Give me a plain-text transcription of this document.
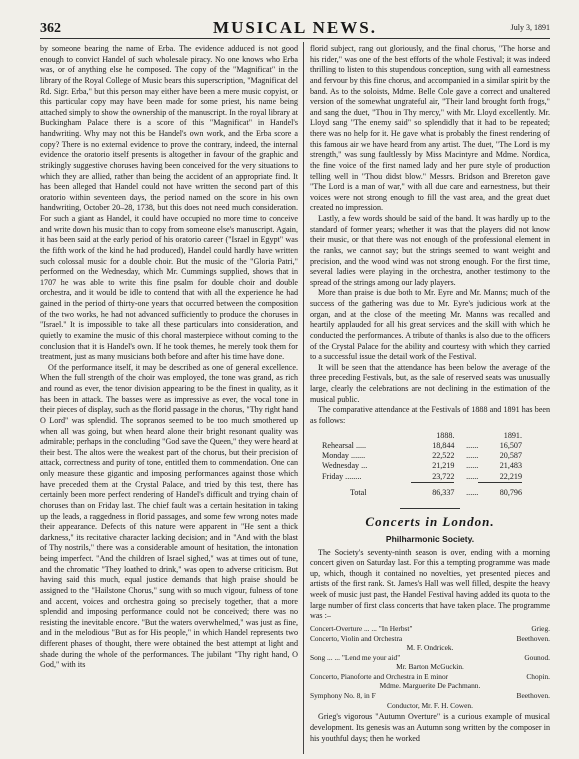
362	MUSICAL NEWS.	July 3, 1891

by someone bearing the name of Erba. The evidence adduced is not good enough to convict Handel of such wholesale piracy. No one knows who Erba was, or of anything else he composed. The copy of the "Magnificat" in the library of the Royal College of Music bears this superscription, "Magnificat del Rd. Sigr. Erba," but this person may either have been a mere music copyist, or this particular copy may have been made for some priest, his name being attached simply to show the ownership of the manuscript. In the royal library at Buckingham Palace there is a score of this "Magnificat" in Handel's handwriting. Why may not this be Handel's own work, and the Erba score a copy? There is no external evidence to prove the contrary, indeed, the internal evidence the oratorio itself presents is altogether in favour of the graphic and strikingly suggestive choruses having been conceived for the very situations to which they are allied, rather than being the accident of an appropriate find. It has been alleged that Handel could not have written the second part of this oratorio within seventeen days, the period named on the score in his own handwriting, October 20–28, 1738, but this does not need much consideration. For such a giant as Handel, it could have occupied no more time to conceive and write down his music than to copy from someone else's manuscript. Again, it has been said at the early period of his oratorio career ("Israel in Egypt" was the fifth work of the kind he had produced), Handel could hardly have written such colossal music for a double choir. But the music of the "Gloria Patri," performed on the Wednesday, which Mr. Cummings supplied, shows that in 1707 he was able to write this fine psalm for double choir and double orchestra, and it would be idle to contend that with all the experience he had gained in the period of thirty-one years that occurred between the composition of the two works, he had not advanced sufficiently to produce the choruses in "Israel." It is impossible to take all these particulars into consideration, and quietly to examine the music of this choral masterpiece without coming to the conclusion that it is Handel's own. If he took themes, he merely took them for treatment, just as many musicians both before and after his time have done.

Of the performance itself, it may be described as one of general excellence. When the full strength of the choir was employed, the tone was grand, as rich and round as ever, the tenor division appearing to be the finest in quality, as it has been in attack. The basses were as impressive as ever, the vocal tone in their pieces of display, such as the florid passage in the chorus, "Thy right hand O Lord" was splendid. The sopranos seemed to be too much smothered up when all was going, but when heard alone their bright resonant quality was admirable; perhaps in the concluding "God save the Queen," they were heard at their best. The altos were the weakest part of the chorus, but their precision of attack, correctness and purity of tone, entitled them to commendation. One can only measure these gigantic and imposing performances against those which have preceded them at the Crystal Palace, and tried by this test, there has certainly been more perfect rendering of Handel's difficult and trying chain of choruses than on Friday last. The chief fault was a certain hesitation in taking up the leads, a raggedness in florid passages, and some few wrong notes made their appearance. Defects of this nature were apparent in "He sent a thick darkness," its recitative character lacking decision; and in "And with the blast of Thy nostrils," there was a considerable amount of hesitation, the intonation being imperfect. "And the children of Israel sighed," was at times out of tune, and the chromatic "They loathed to drink," was open to adverse criticism. But having said this much, equal justice demands that high praise should be assigned to the "Hailstone Chorus," sung with so much vigour, fulness of tone and accent, voices and orchestra going so precisely together, that a more splendid and imposing performance could not be conceived; there was no resisting the inevitable encore. "But the waters overwhelmed," was just as fine, and in the melodious "But as for His people," in which Handel represents two different phases of thought, there were obtained the best attempt at light and shade during the whole of the performances. The jubilant "Thy right hand, O God," with its

florid subject, rang out gloriously, and the final chorus, "The horse and his rider," was one of the best efforts of the whole Festival; it was indeed thrilling to listen to this stupendous conception, sung with all earnestness and fervour by this fine chorus, and accompanied in a similar spirit by the band. As to the soloists, Mdme. Belle Cole gave a correct and unaltered version of the somewhat ungrateful air, "Their land brought forth frogs," and sang the duet, "Thou in Thy mercy," with Mr. Lloyd excellently. Mr. Lloyd sang "The enemy said" so splendidly that it had to be repeated; there was no help for it. He gave what is probably the finest rendering of this famous air we have heard from any artist. The duet, "The Lord is my strength," was sung faultlessly by Miss Macintyre and Mdme. Nordica, the fine voice of the first named lady and her pure style of production telling well in "Thou didst blow." Messrs. Bridson and Brereton gave "The Lord is a man of war," with all due care and earnestness, but their voices were not strong enough to fill the vast area, and the great duet created no impression.

Lastly, a few words should be said of the band. It was hardly up to the standard of former years; whether it was that the players did not know their music, or that there was not enough of the professional element in the ranks, we cannot say; but the strings seemed to want weight and precision, and the wood wind was not strong enough. For the first time, several ladies were playing in the orchestra, another testimony to the spread of the strings among our lady players.

More than praise is due both to Mr. Eyre and Mr. Manns; much of the success of the gathering was due to Mr. Eyre's judicious work at the organ, and at the close of the meeting Mr. Manns was recalled and heartily applauded for all his great services and the skill with which he conducted the performances. A tribute of thanks is also due to the officers of the Crystal Palace for the ability and courtesy with which they carried to a successful issue the detail work of the Festival.

It will be seen that the attendance has been below the average of the three preceding Festivals, but, as the sale of reserved seats was unusually large, clearly the celebrations are not declining in the estimation of the musical public.

The comparative attendance at the Festivals of 1888 and 1891 has been as follows:

	1888.		1891.
Rehearsal .....	18,844	......	16,507
Monday .......	22,522	......	20,587
Wednesday ...	21,219	......	21,483
Friday ........	23,722	......	22,219
Total	86,337	......	80,796
Concerts in London.
Philharmonic Society.

The Society's seventy-ninth season is over, ending with a morning concert given on Saturday last. For this a tempting programme was made up, which, though it contained no novelties, yet presented pieces and artists of the first rank. St. James's Hall was well filled, despite the heavy week of music just past, the Handel Festival having added its quota to the large number of first class concerts that have taken place. The programme was :–

Concert-Overture ... ... "In Herbst"	Grieg.
Concerto, Violin and Orchestra	Beethoven.
M. F. Ondricek.
Song ... ... "Lend me your aid"	Gounod.
Mr. Barton McGuckin.
Concerto, Pianoforte and Orchestra in E minor	Chopin.
Mdme. Marguerite De Pachmann.
Symphony No. 8, in F	Beethoven.
Conductor, Mr. F. H. Cowen.

Grieg's vigorous "Autumn Overture" is a curious example of musical development. Its genesis was an Autumn song written by the composer in his youthful days; then he worked
